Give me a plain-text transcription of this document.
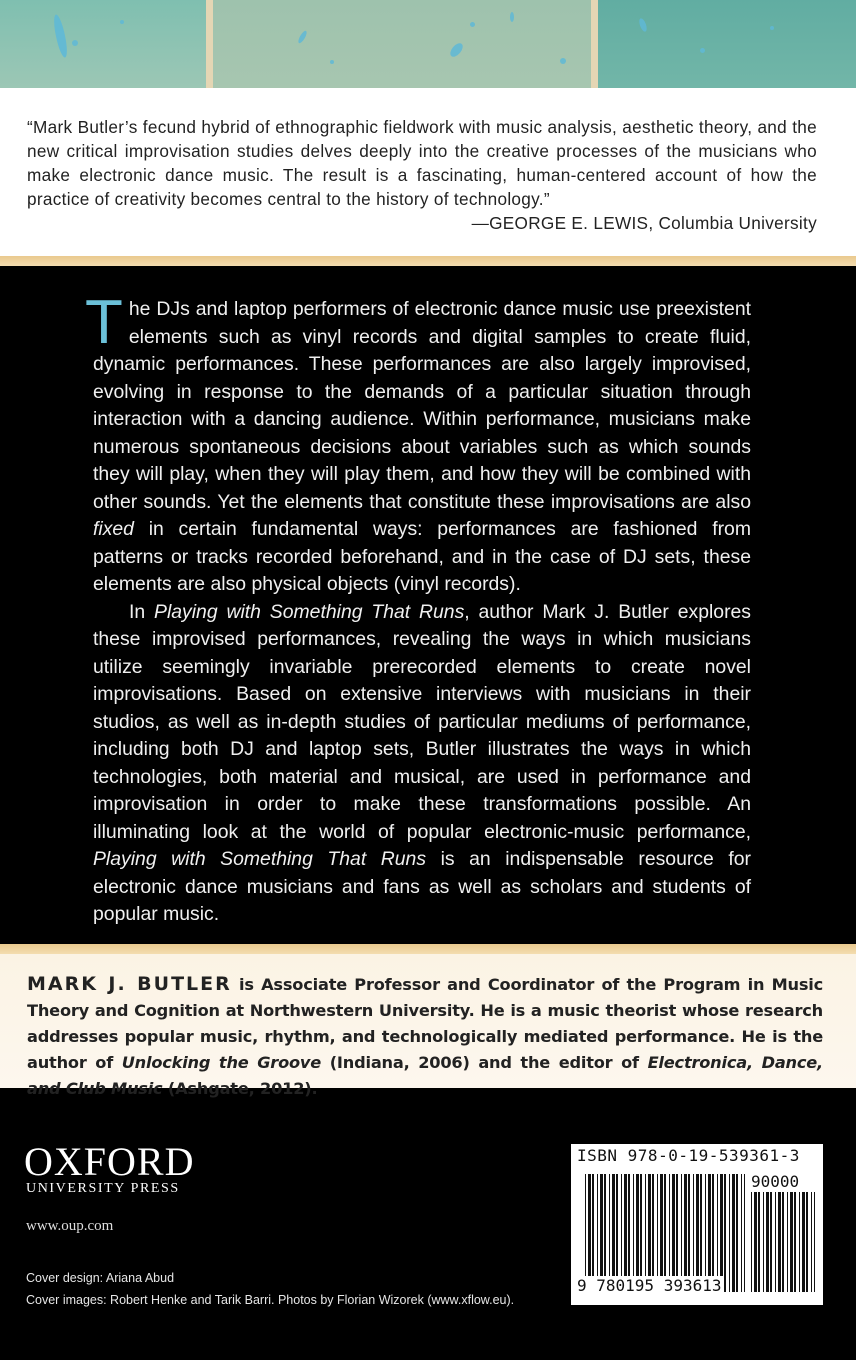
“Mark Butler’s fecund hybrid of ethnographic fieldwork with music analysis, aesthetic theory, and the new critical improvisation studies delves deeply into the creative processes of the musicians who make electronic dance music. The result is a fascinating, human-centered account of how the practice of creativity becomes central to the history of technology.”
—GEORGE E. LEWIS, Columbia University

The DJs and laptop performers of electronic dance music use preexistent elements such as vinyl records and digital samples to create fluid, dynamic performances. These performances are also largely improvised, evolving in response to the demands of a particular situation through interaction with a dancing audience. Within performance, musicians make numerous spontaneous decisions about variables such as which sounds they will play, when they will play them, and how they will be combined with other sounds. Yet the elements that constitute these improvisations are also fixed in certain fundamental ways: performances are fashioned from patterns or tracks recorded beforehand, and in the case of DJ sets, these elements are also physical objects (vinyl records).

In Playing with Something That Runs, author Mark J. Butler explores these improvised performances, revealing the ways in which musicians utilize seemingly invariable prerecorded elements to create novel improvisations. Based on extensive interviews with musicians in their studios, as well as in-depth studies of particular mediums of performance, including both DJ and laptop sets, Butler illustrates the ways in which technologies, both material and musical, are used in performance and improvisation in order to make these transformations possible. An illuminating look at the world of popular electronic-music performance, Playing with Something That Runs is an indispensable resource for electronic dance musicians and fans as well as scholars and students of popular music.

MARK J. BUTLER is Associate Professor and Coordinator of the Program in Music Theory and Cognition at Northwestern University. He is a music theorist whose research addresses popular music, rhythm, and technologically mediated performance. He is the author of Unlocking the Groove (Indiana, 2006) and the editor of Electronica, Dance, and Club Music (Ashgate, 2012).
OXFORD
UNIVERSITY PRESS
www.oup.com
Cover design: Ariana Abud
Cover images: Robert Henke and Tarik Barri. Photos by Florian Wizorek (www.xflow.eu).
ISBN 978-0-19-539361-3
90000
9 780195 393613
